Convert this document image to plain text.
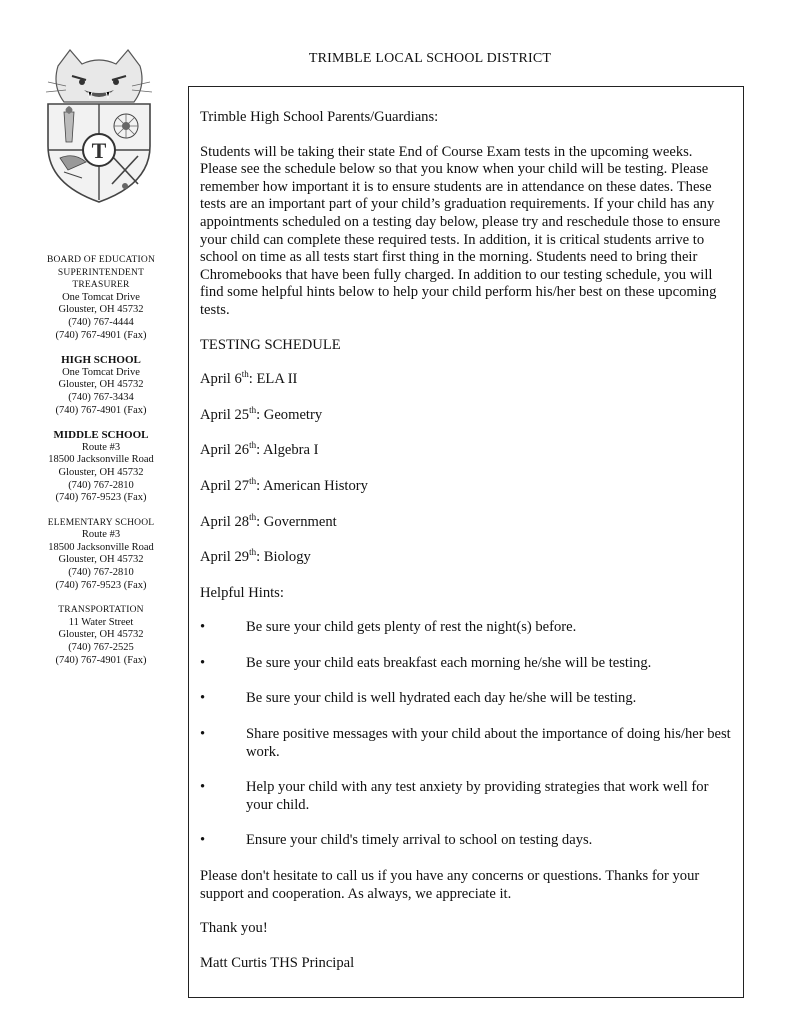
TRIMBLE LOCAL SCHOOL DISTRICT
T
BOARD OF EDUCATION
SUPERINTENDENT
TREASURER
One Tomcat Drive
Glouster, OH 45732
(740) 767-4444
(740) 767-4901 (Fax)
HIGH SCHOOL
One Tomcat Drive
Glouster, OH 45732
(740) 767-3434
(740) 767-4901 (Fax)
MIDDLE SCHOOL
Route #3
18500 Jacksonville Road
Glouster, OH 45732
(740) 767-2810
(740) 767-9523 (Fax)
ELEMENTARY SCHOOL
Route #3
18500 Jacksonville Road
Glouster, OH 45732
(740) 767-2810
(740) 767-9523 (Fax)
TRANSPORTATION
11 Water Street
Glouster, OH 45732
(740) 767-2525
(740) 767-4901 (Fax)

Trimble High School Parents/Guardians:

Students will be taking their state End of Course Exam tests in the upcoming weeks. Please see the schedule below so that you know when your child will be testing. Please remember how important it is to ensure students are in attendance on these dates. These tests are an important part of your child’s graduation requirements. If your child has any appointments scheduled on a testing day below, please try and reschedule those to ensure your child can complete these required tests. In addition, it is critical students arrive to school on time as all tests start first thing in the morning. Students need to bring their Chromebooks that have been fully charged. In addition to our testing schedule, you will find some helpful hints below to help your child perform his/her best on these upcoming tests.

TESTING SCHEDULE

April 6th: ELA II
April 25th: Geometry
April 26th: Algebra I
April 27th: American History
April 28th: Government
April 29th: Biology

Helpful Hints:

•	Be sure your child gets plenty of rest the night(s) before.
•	Be sure your child eats breakfast each morning he/she will be testing.
•	Be sure your child is well hydrated each day he/she will be testing.
•	Share positive messages with your child about the importance of doing his/her best work.
•	Help your child with any test anxiety by providing strategies that work well for your child.
•	Ensure your child's timely arrival to school on testing days.

Please don't hesitate to call us if you have any concerns or questions. Thanks for your support and cooperation. As always, we appreciate it.

Thank you!

Matt Curtis THS Principal
